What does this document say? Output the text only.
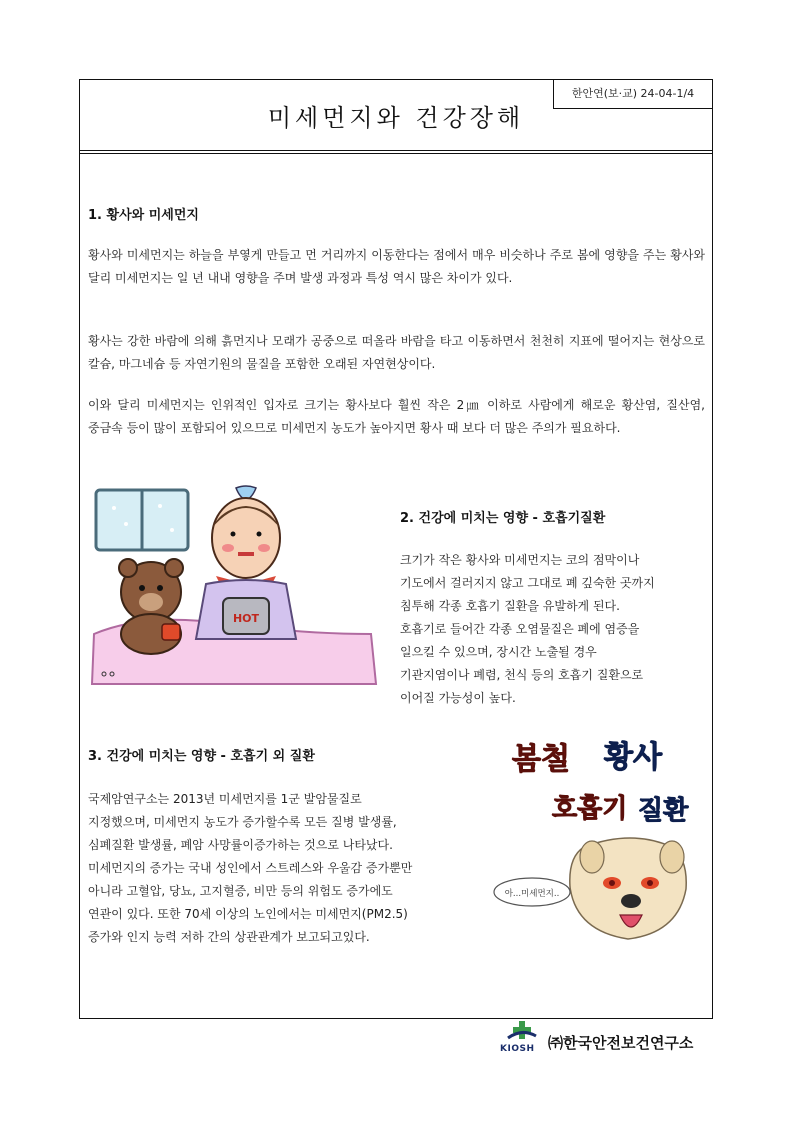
미세먼지와 건강장해
한안연(보·교) 24-04-1/4
1. 황사와 미세먼지

황사와 미세먼지는 하늘을 부옇게 만들고 먼 거리까지 이동한다는 점에서 매우 비슷하나 주로 봄에 영향을 주는 황사와 달리 미세먼지는 일 년 내내 영향을 주며 발생 과정과 특성 역시 많은 차이가 있다.

황사는 강한 바람에 의해 흙먼지나 모래가 공중으로 떠올라 바람을 타고 이동하면서 천천히 지표에 떨어지는 현상으로 칼슘, 마그네슘 등 자연기원의 물질을 포함한 오래된 자연현상이다.

이와 달리 미세먼지는 인위적인 입자로 크기는 황사보다 훨씬 작은 2㎛ 이하로 사람에게 해로운 황산염, 질산염, 중금속 등이 많이 포함되어 있으므로 미세먼지 농도가 높아지면 황사 때 보다 더 많은 주의가 필요하다.

HOT
2. 건강에 미치는 영향 - 호흡기질환
크기가 작은 황사와 미세먼지는 코의 점막이나
기도에서 걸러지지 않고 그대로 폐 깊숙한 곳까지
침투해 각종 호흡기 질환을 유발하게 된다.
호흡기로 들어간 각종 오염물질은 폐에 염증을
일으킬 수 있으며, 장시간 노출될 경우
기관지염이나 폐렴, 천식 등의 호흡기 질환으로
이어질 가능성이 높다.
3. 건강에 미치는 영향 - 호흡기 외 질환
국제암연구소는 2013년 미세먼지를 1군 발암물질로
지정했으며, 미세먼지 농도가 증가할수록 모든 질병 발생률,
심폐질환 발생률, 폐암 사망률이증가하는 것으로 나타났다.
미세먼지의 증가는 국내 성인에서 스트레스와 우울감 증가뿐만
아니라 고혈압, 당뇨, 고지혈증, 비만 등의 위험도 증가에도
연관이 있다. 또한 70세 이상의 노인에서는 미세먼지(PM2.5)
증가와 인지 능력 저하 간의 상관관계가 보고되고있다.
봄철 황사
호흡기 질환
아...미세먼지..
KIOSH ㈜한국안전보건연구소
